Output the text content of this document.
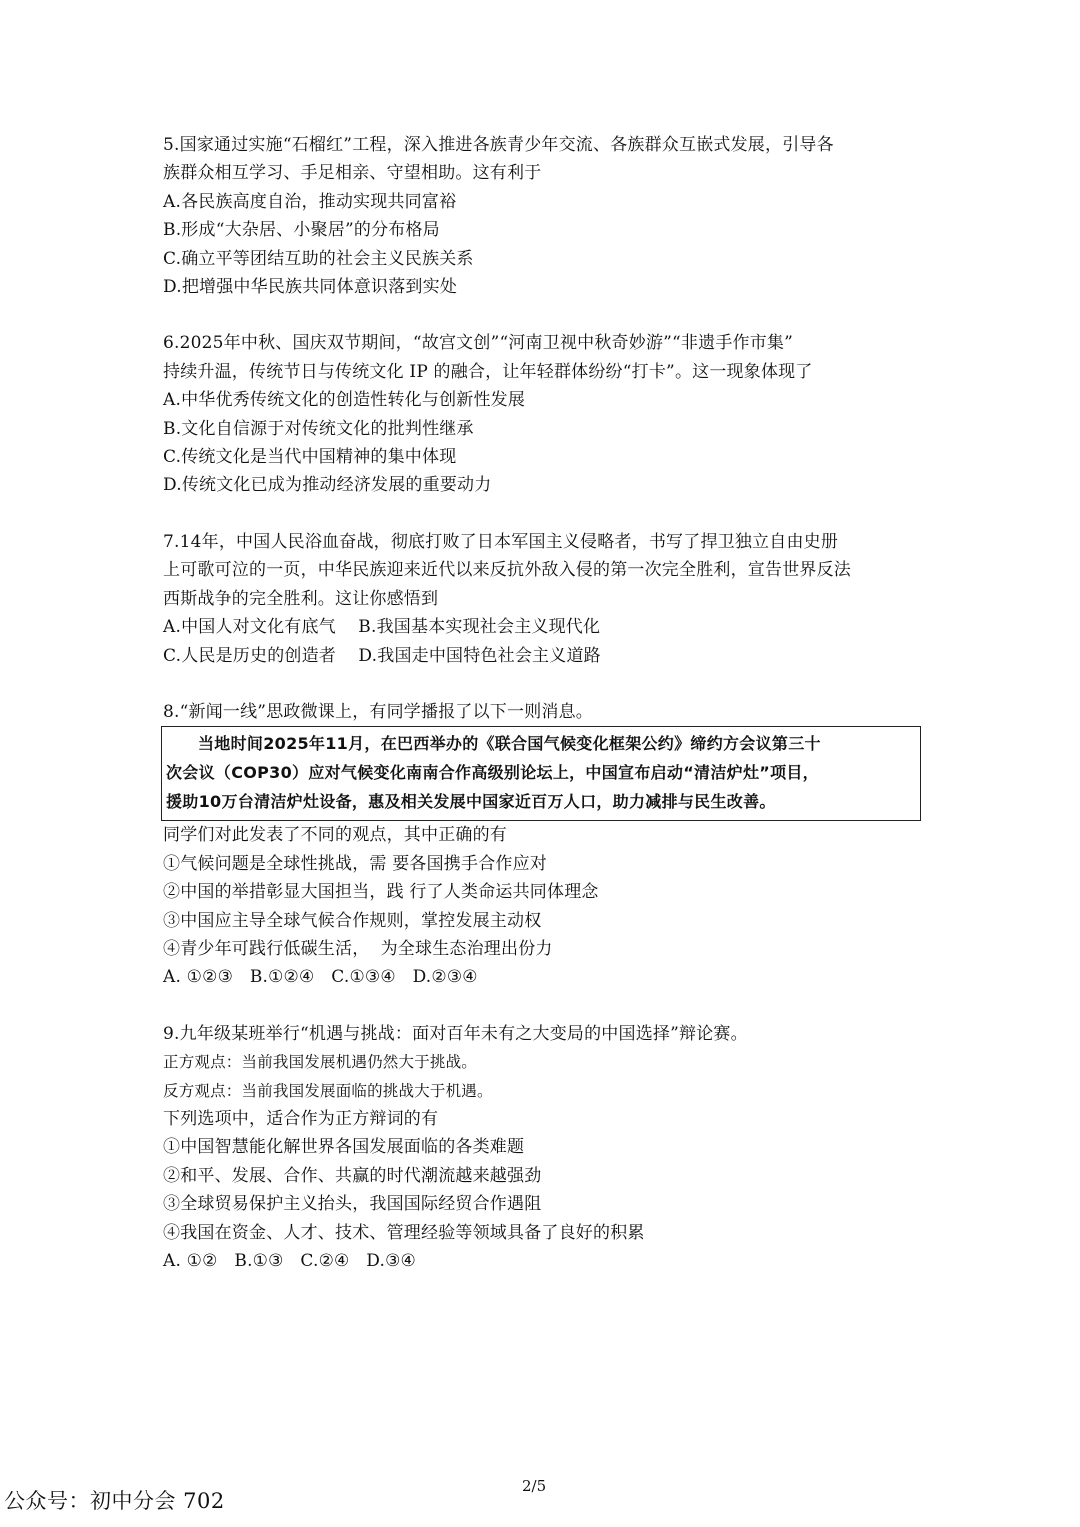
5.国家通过实施“石榴红”工程，深入推进各族青少年交流、各族群众互嵌式发展，引导各
族群众相互学习、手足相亲、守望相助。这有利于
A.各民族高度自治，推动实现共同富裕
B.形成“大杂居、小聚居”的分布格局
C.确立平等团结互助的社会主义民族关系
D.把增强中华民族共同体意识落到实处
6.2025年中秋、国庆双节期间，“故宫文创”“河南卫视中秋奇妙游”“非遗手作市集”
持续升温，传统节日与传统文化 IP 的融合，让年轻群体纷纷“打卡”。这一现象体现了
A.中华优秀传统文化的创造性转化与创新性发展
B.文化自信源于对传统文化的批判性继承
C.传统文化是当代中国精神的集中体现
D.传统文化已成为推动经济发展的重要动力
7.14年，中国人民浴血奋战，彻底打败了日本军国主义侵略者，书写了捍卫独立自由史册
上可歌可泣的一页，中华民族迎来近代以来反抗外敌入侵的第一次完全胜利，宣告世界反法
西斯战争的完全胜利。这让你感悟到
A.中国人对文化有底气    B.我国基本实现社会主义现代化
C.人民是历史的创造者    D.我国走中国特色社会主义道路
8.“新闻一线”思政微课上，有同学播报了以下一则消息。
当地时间2025年11月，在巴西举办的《联合国气候变化框架公约》缔约方会议第三十
次会议（COP30）应对气候变化南南合作高级别论坛上，中国宣布启动“清洁炉灶”项目，
援助10万台清洁炉灶设备，惠及相关发展中国家近百万人口，助力减排与民生改善。
同学们对此发表了不同的观点，其中正确的有
①气候问题是全球性挑战，需 要各国携手合作应对
②中国的举措彰显大国担当，践 行了人类命运共同体理念
③中国应主导全球气候合作规则，掌控发展主动权
④青少年可践行低碳生活，  为全球生态治理出份力
A. ①②③   B.①②④   C.①③④   D.②③④
9.九年级某班举行“机遇与挑战：面对百年未有之大变局的中国选择”辩论赛。
正方观点：当前我国发展机遇仍然大于挑战。
反方观点：当前我国发展面临的挑战大于机遇。
下列选项中，适合作为正方辩词的有
①中国智慧能化解世界各国发展面临的各类难题
②和平、发展、合作、共赢的时代潮流越来越强劲
③全球贸易保护主义抬头，我国国际经贸合作遇阻
④我国在资金、人才、技术、管理经验等领域具备了良好的积累
A. ①②   B.①③   C.②④   D.③④
2/5
公众号：初中分会 702
